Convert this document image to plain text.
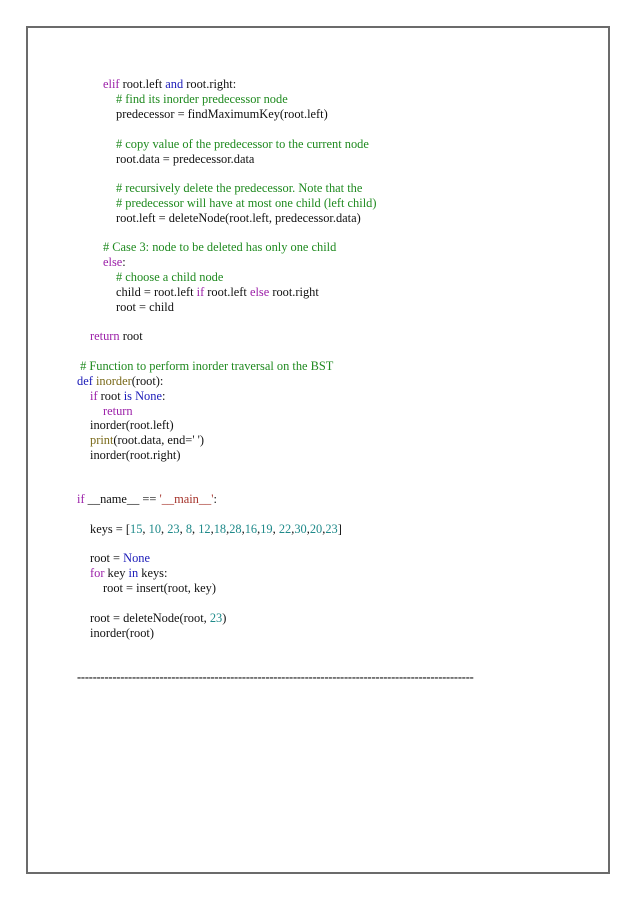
elif root.left and root.right:
# find its inorder predecessor node
predecessor = findMaximumKey(root.left)
# copy value of the predecessor to the current node
root.data = predecessor.data
# recursively delete the predecessor. Note that the
# predecessor will have at most one child (left child)
root.left = deleteNode(root.left, predecessor.data)
# Case 3: node to be deleted has only one child
else:
# choose a child node
child = root.left if root.left else root.right
root = child
return root
# Function to perform inorder traversal on the BST
def inorder(root):
if root is None:
return
inorder(root.left)
print(root.data, end=' ')
inorder(root.right)
if __name__ == '__main__':
keys = [15, 10, 23, 8, 12,18,28,16,19, 22,30,20,23]
root = None
for key in keys:
root = insert(root, key)
root = deleteNode(root, 23)
inorder(root)
-----------------------------------------------------------------------------------------------------
